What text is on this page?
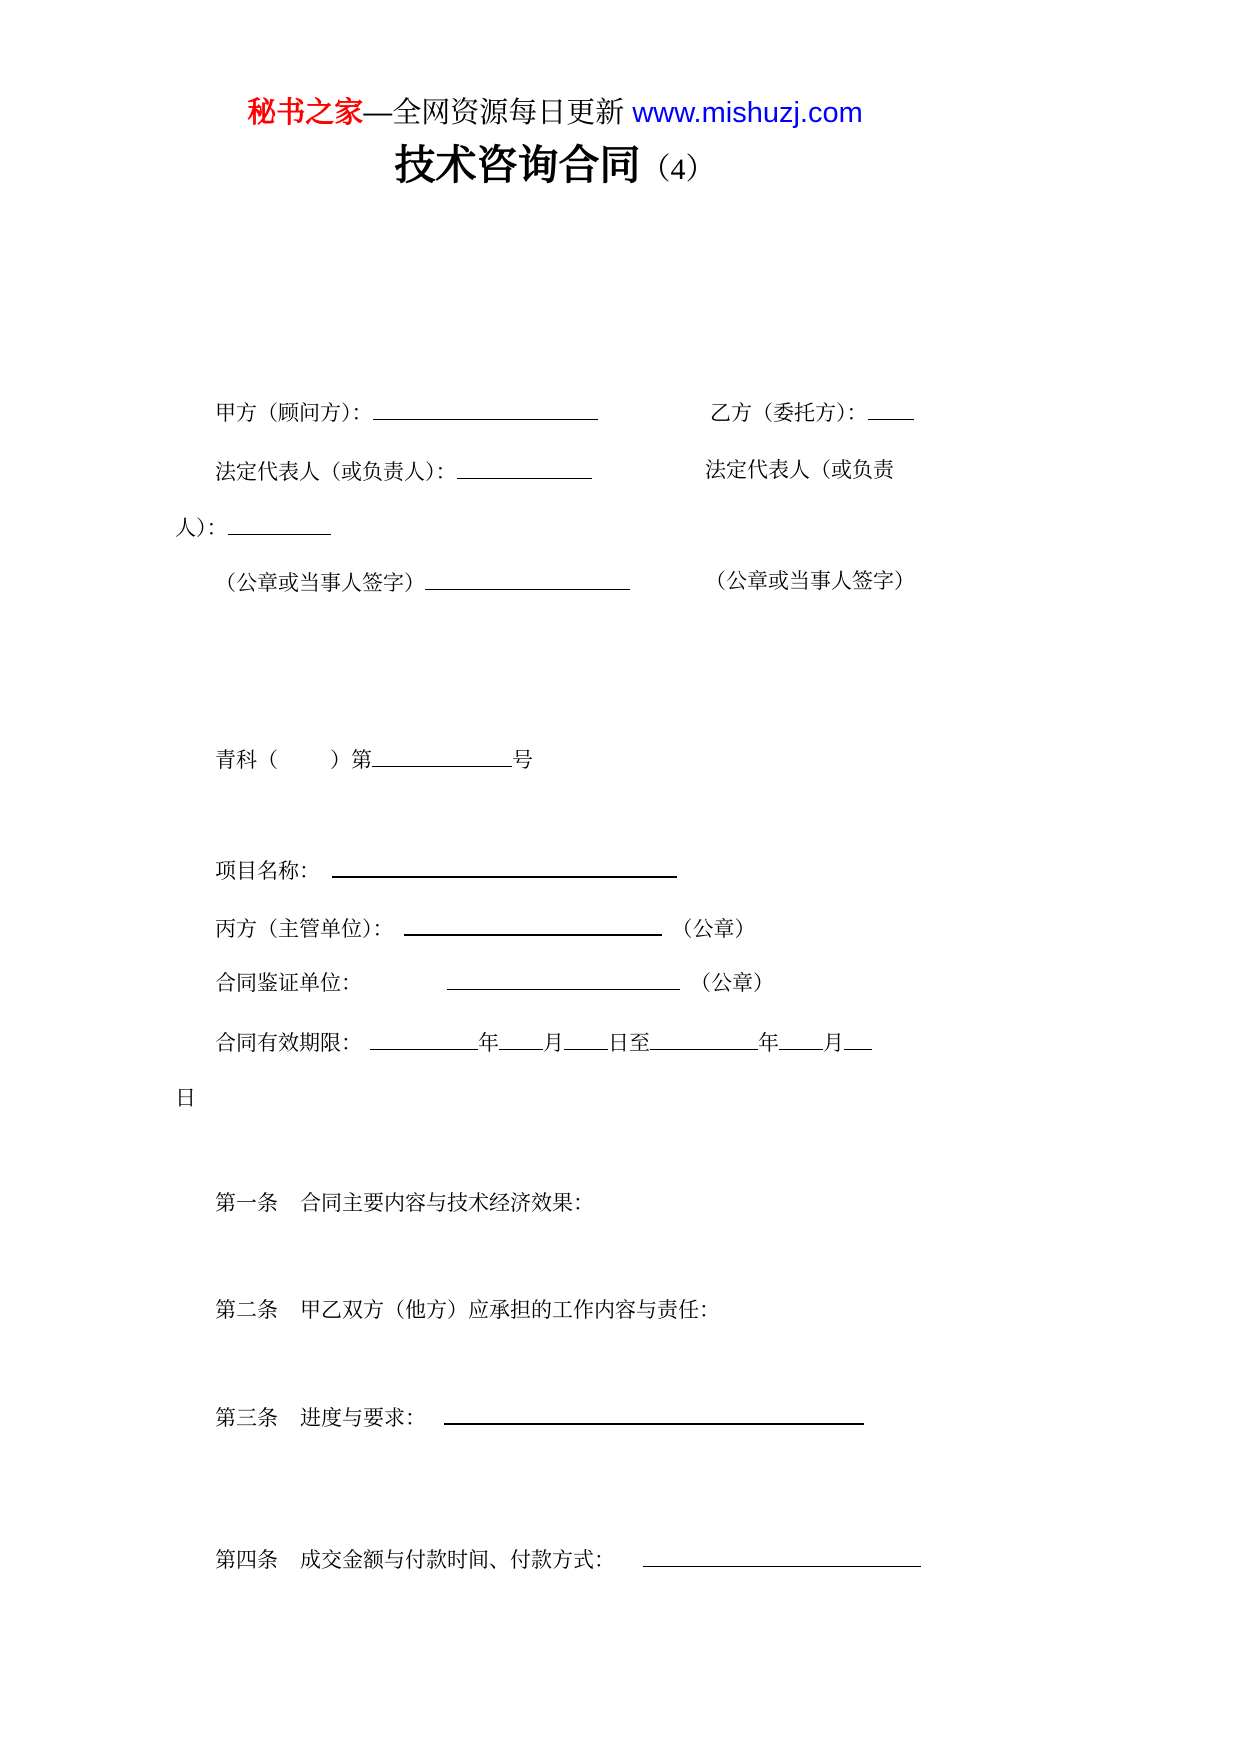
秘书之家—全网资源每日更新 www.mishuzj.com
技术咨询合同（4）
甲方（顾问方）：	乙方（委托方）：
法定代表人（或负责人）：	法定代表人（或负责
人）：
（公章或当事人签字）	（公章或当事人签字）
青科（ ）第	号
项目名称：
丙方（主管单位）：	（公章）
合同鉴证单位：	（公章）
合同有效期限：	年 月 日至	年 月
日
第一条 合同主要内容与技术经济效果：
第二条 甲乙双方（他方）应承担的工作内容与责任：
第三条 进度与要求：
第四条 成交金额与付款时间、付款方式：
